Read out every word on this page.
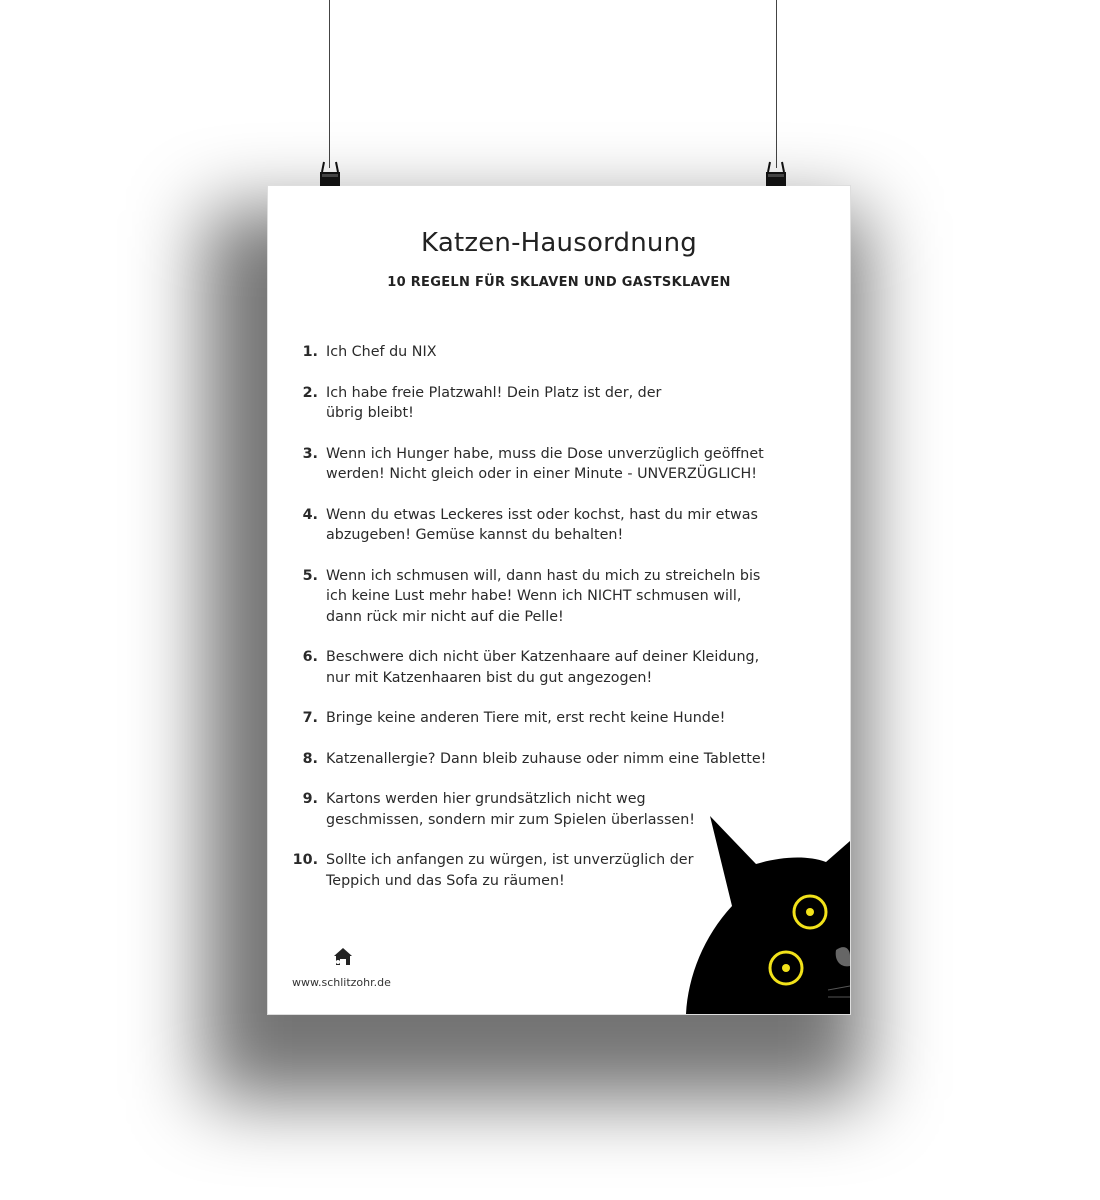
Katzen-Hausordnung
10 REGELN FÜR SKLAVEN UND GASTSKLAVEN
1. Ich Chef du NIX
2. Ich habe freie Platzwahl! Dein Platz ist der, der
übrig bleibt!
3. Wenn ich Hunger habe, muss die Dose unverzüglich geöffnet
werden! Nicht gleich oder in einer Minute - UNVERZÜGLICH!
4. Wenn du etwas Leckeres isst oder kochst, hast du mir etwas
abzugeben! Gemüse kannst du behalten!
5. Wenn ich schmusen will, dann hast du mich zu streicheln bis
ich keine Lust mehr habe! Wenn ich NICHT schmusen will,
dann rück mir nicht auf die Pelle!
6. Beschwere dich nicht über Katzenhaare auf deiner Kleidung,
nur mit Katzenhaaren bist du gut angezogen!
7. Bringe keine anderen Tiere mit, erst recht keine Hunde!
8. Katzenallergie? Dann bleib zuhause oder nimm eine Tablette!
9. Kartons werden hier grundsätzlich nicht weg
geschmissen, sondern mir zum Spielen überlassen!
10. Sollte ich anfangen zu würgen, ist unverzüglich der
Teppich und das Sofa zu räumen!
www.schlitzohr.de
